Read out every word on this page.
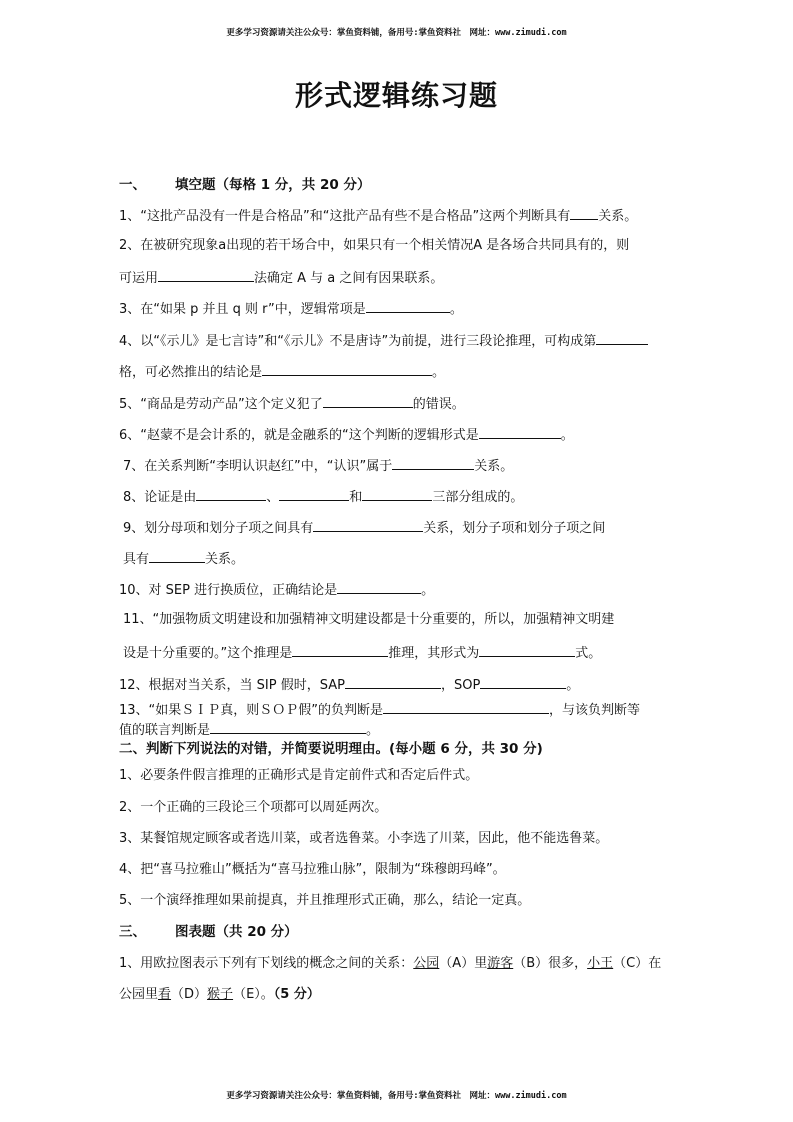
更多学习资源请关注公众号：掌鱼资料铺，备用号:掌鱼资料社　网址：www.zimudi.com
形式逻辑练习题
一、 填空题（每格 1 分，共 20 分）
1、“这批产品没有一件是合格品”和“这批产品有些不是合格品”这两个判断具有 关系。
2、在被研究现象a出现的若干场合中，如果只有一个相关情况A 是各场合共同具有的，则
可运用	法确定 A 与 a 之间有因果联系。
3、在“如果 p 并且 q 则 r”中，逻辑常项是	。
4、以“《示儿》是七言诗”和“《示儿》不是唐诗”为前提，进行三段论推理，可构成第
格，可必然推出的结论是	。
5、“商品是劳动产品”这个定义犯了	的错误。
6、“赵蒙不是会计系的，就是金融系的“这个判断的逻辑形式是	。
7、在关系判断“李明认识赵红”中，“认识”属于	关系。
8、论证是由	、	和	三部分组成的。
9、划分母项和划分子项之间具有	关系，划分子项和划分子项之间
具有	关系。
10、对 SEP 进行换质位，正确结论是	。
11、“加强物质文明建设和加强精神文明建设都是十分重要的，所以，加强精神文明建
设是十分重要的。”这个推理是	推理，其形式为	式。
12、根据对当关系，当 SIP 假时，SAP	，SOP	。
13、“如果ＳＩＰ真，则ＳＯＰ假”的负判断是	，与该负判断等
值的联言判断是	。
二、判断下列说法的对错，并简要说明理由。(每小题 6 分，共 30 分)
1、必要条件假言推理的正确形式是肯定前件式和否定后件式。
2、一个正确的三段论三个项都可以周延两次。
3、某餐馆规定顾客或者选川菜，或者选鲁菜。小李选了川菜，因此，他不能选鲁菜。
4、把“喜马拉雅山”概括为“喜马拉雅山脉”，限制为“珠穆朗玛峰”。
5、一个演绎推理如果前提真，并且推理形式正确，那么，结论一定真。
三、 图表题（共 20 分）
1、用欧拉图表示下列有下划线的概念之间的关系：公园（A）里游客（B）很多，小王（C）在
公园里看（D）猴子（E）。（5 分）
更多学习资源请关注公众号：掌鱼资料铺，备用号:掌鱼资料社　网址：www.zimudi.com
